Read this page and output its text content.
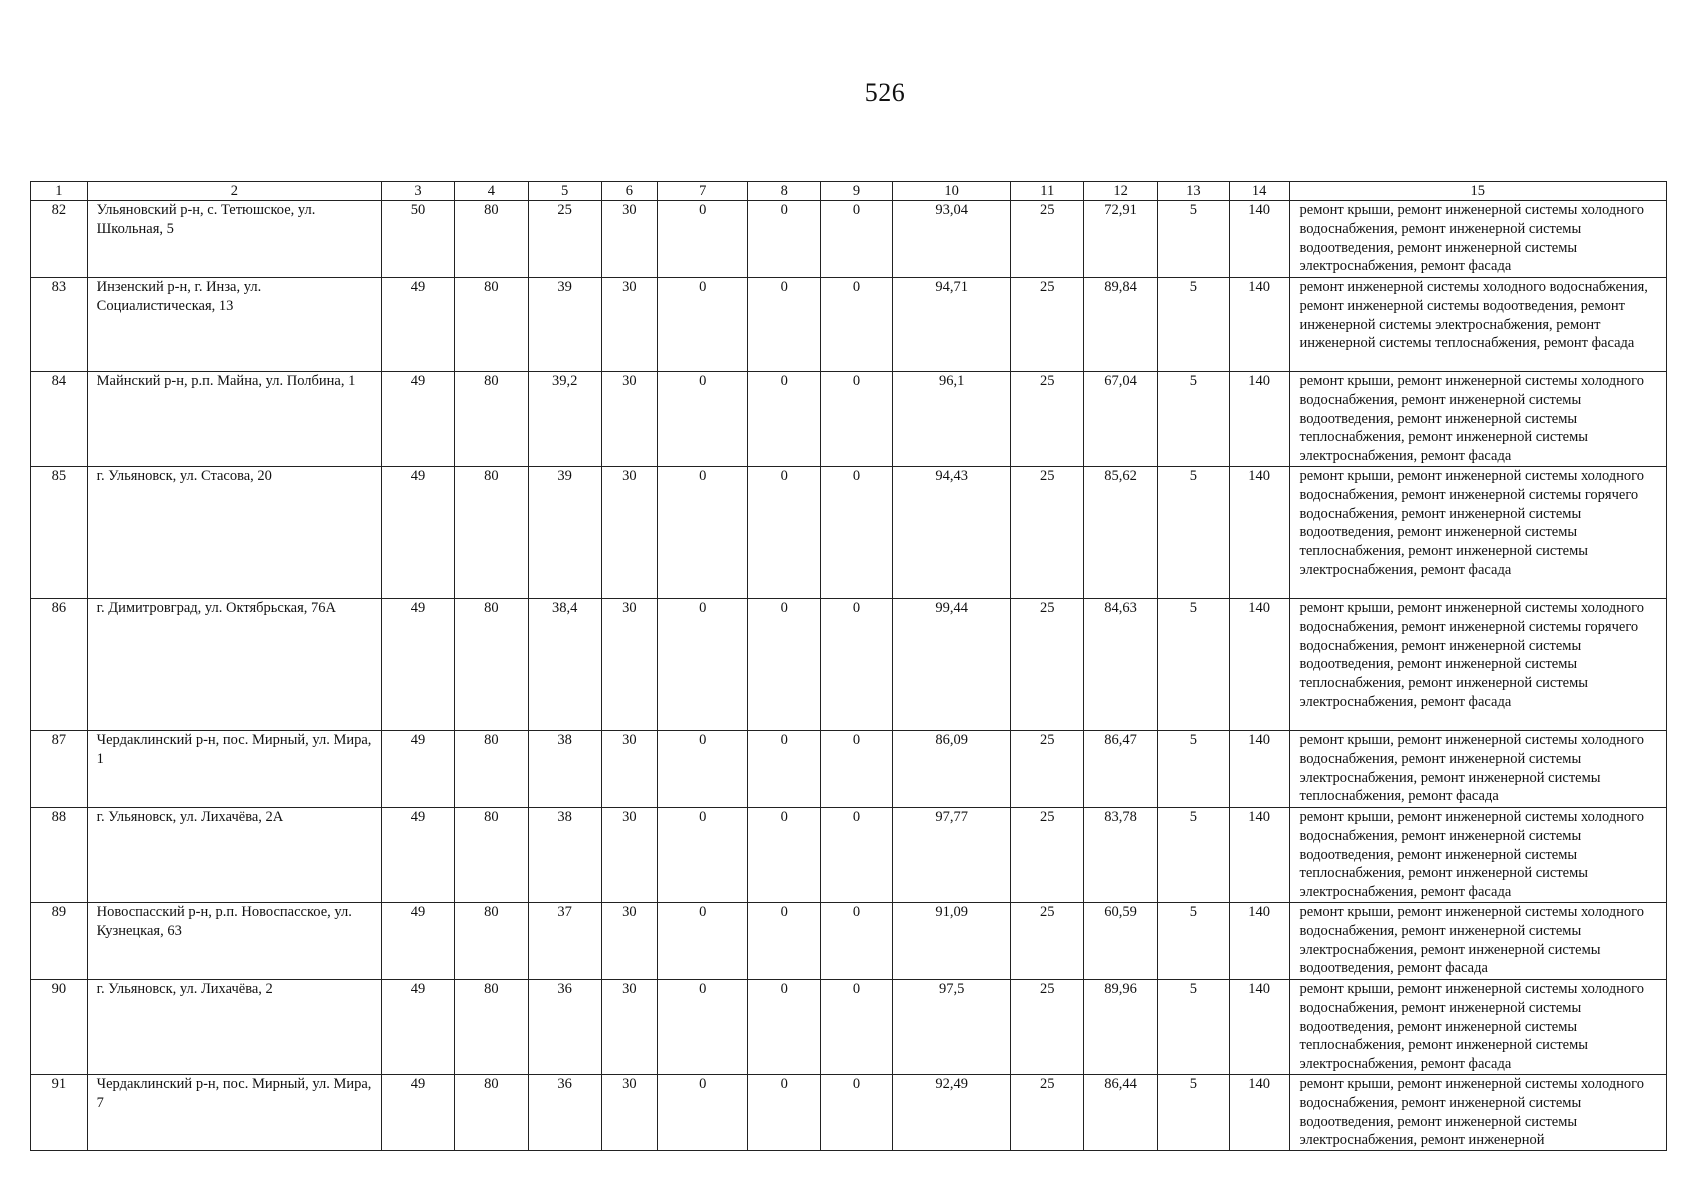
526
1	2	3	4	5	6	7	8	9	10	11	12	13	14	15
82	Ульяновский р-н, с. Тетюшское, ул. Школьная, 5	50	80	25	30	0	0	0	93,04	25	72,91	5	140	ремонт крыши, ремонт инженерной системы холодного водоснабжения, ремонт инженерной системы водоотведения, ремонт инженерной системы электроснабжения, ремонт фасада
83	Инзенский р-н, г. Инза, ул. Социалистическая, 13	49	80	39	30	0	0	0	94,71	25	89,84	5	140	ремонт инженерной системы холодного водоснабжения, ремонт инженерной системы водоотведения, ремонт инженерной системы электроснабжения, ремонт инженерной системы теплоснабжения, ремонт фасада
84	Майнский р-н, р.п. Майна, ул. Полбина, 1	49	80	39,2	30	0	0	0	96,1	25	67,04	5	140	ремонт крыши, ремонт инженерной системы холодного водоснабжения, ремонт инженерной системы водоотведения, ремонт инженерной системы теплоснабжения, ремонт инженерной системы электроснабжения, ремонт фасада
85	г. Ульяновск, ул. Стасова, 20	49	80	39	30	0	0	0	94,43	25	85,62	5	140	ремонт крыши, ремонт инженерной системы холодного водоснабжения, ремонт инженерной системы горячего водоснабжения, ремонт инженерной системы водоотведения, ремонт инженерной системы теплоснабжения, ремонт инженерной системы электроснабжения, ремонт фасада
86	г. Димитровград, ул. Октябрьская, 76А	49	80	38,4	30	0	0	0	99,44	25	84,63	5	140	ремонт крыши, ремонт инженерной системы холодного водоснабжения, ремонт инженерной системы горячего водоснабжения, ремонт инженерной системы водоотведения, ремонт инженерной системы теплоснабжения, ремонт инженерной системы электроснабжения, ремонт фасада
87	Чердаклинский р-н, пос. Мирный, ул. Мира, 1	49	80	38	30	0	0	0	86,09	25	86,47	5	140	ремонт крыши, ремонт инженерной системы холодного водоснабжения, ремонт инженерной системы электроснабжения, ремонт инженерной системы теплоснабжения, ремонт фасада
88	г. Ульяновск, ул. Лихачёва, 2А	49	80	38	30	0	0	0	97,77	25	83,78	5	140	ремонт крыши, ремонт инженерной системы холодного водоснабжения, ремонт инженерной системы водоотведения, ремонт инженерной системы теплоснабжения, ремонт инженерной системы электроснабжения, ремонт фасада
89	Новоспасский р-н, р.п. Новоспасское, ул. Кузнецкая, 63	49	80	37	30	0	0	0	91,09	25	60,59	5	140	ремонт крыши, ремонт инженерной системы холодного водоснабжения, ремонт инженерной системы электроснабжения, ремонт инженерной системы водоотведения, ремонт фасада
90	г. Ульяновск, ул. Лихачёва, 2	49	80	36	30	0	0	0	97,5	25	89,96	5	140	ремонт крыши, ремонт инженерной системы холодного водоснабжения, ремонт инженерной системы водоотведения, ремонт инженерной системы теплоснабжения, ремонт инженерной системы электроснабжения, ремонт фасада
91	Чердаклинский р-н, пос. Мирный, ул. Мира, 7	49	80	36	30	0	0	0	92,49	25	86,44	5	140	ремонт крыши, ремонт инженерной системы холодного водоснабжения, ремонт инженерной системы водоотведения, ремонт инженерной системы электроснабжения, ремонт инженерной
